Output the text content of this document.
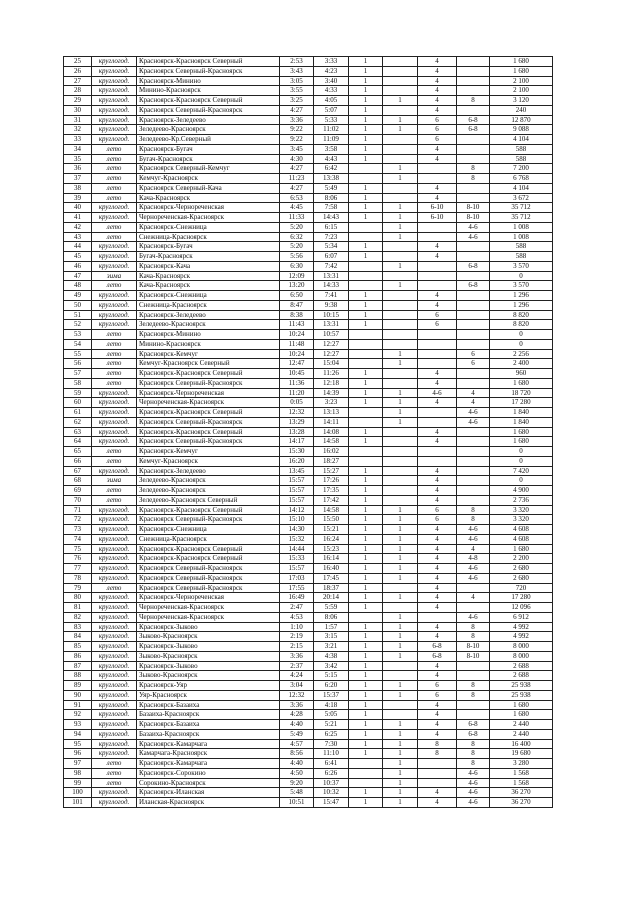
25	круглогод.	Красноярск-Красноярск Северный	2:53	3:33	1		4		1 680
26	круглогод.	Красноярск Северный-Красноярск	3:43	4:23	1		4		1 680
27	круглогод.	Красноярск-Минино	3:05	3:40	1		4		2 100
28	круглогод.	Минино-Красноярск	3:55	4:33	1		4		2 100
29	круглогод.	Красноярск-Красноярск Северный	3:25	4:05	1	1	4	8	3 120
30	круглогод.	Красноярск Северный-Красноярск	4:27	5:07	1		4		240
31	круглогод.	Красноярск-Зеледеево	3:36	5:33	1	1	6	6-8	12 870
32	круглогод.	Зеледеево-Красноярск	9:22	11:02	1	1	6	6-8	9 088
33	круглогод.	Зеледеево-Кр.Северный	9:22	11:09	1		6		4 104
34	лето	Красноярск-Бугач	3:45	3:58	1		4		588
35	лето	Бугач-Красноярск	4:30	4:43	1		4		588
36	лето	Красноярск Северный-Кемчуг	4:27	6:42		1		8	7 200
37	лето	Кемчуг-Красноярск	11:23	13:38		1		8	6 768
38	лето	Красноярск Северный-Кача	4:27	5:49	1		4		4 104
39	лето	Кача-Красноярск	6:53	8:06	1		4		3 672
40	круглогод.	Красноярск-Чернореченская	4:45	7:58	1	1	6-10	8-10	35 712
41	круглогод.	Чернореченская-Красноярск	11:33	14:43	1	1	6-10	8-10	35 712
42	лето	Красноярск-Снежница	5:20	6:15		1		4-6	1 008
43	лето	Снежница-Красноярск	6:32	7:23		1		4-6	1 008
44	круглогод.	Красноярск-Бугач	5:20	5:34	1		4		588
45	круглогод.	Бугач-Красноярск	5:56	6:07	1		4		588
46	круглогод.	Красноярск-Кача	6:30	7:42		1		6-8	3 570
47	зима	Кача-Красноярск	12:09	13:31					0
48	лето	Кача-Красноярск	13:20	14:33		1		6-8	3 570
49	круглогод.	Красноярск-Снежница	6:50	7:41	1		4		1 296
50	круглогод.	Снежница-Красноярск	8:47	9:38	1		4		1 296
51	круглогод.	Красноярск-Зеледеево	8:38	10:15	1		6		8 820
52	круглогод.	Зеледеево-Красноярск	11:43	13:31	1		6		8 820
53	лето	Красноярск-Минино	10:24	10:57					0
54	лето	Минино-Красноярск	11:48	12:27					0
55	лето	Красноярск-Кемчуг	10:24	12:27		1		6	2 256
56	лето	Кемчуг-Красноярск Северный	12:47	15:04		1		6	2 400
57	лето	Красноярск-Красноярск Северный	10:45	11:26	1		4		960
58	лето	Красноярск Северный-Красноярск	11:36	12:18	1		4		1 680
59	круглогод.	Красноярск-Чернореченская	11:20	14:39	1	1	4-6	4	18 720
60	круглогод.	Чернореченская-Красноярск	0:05	3:23	1	1	4	4	17 280
61	круглогод.	Красноярск-Красноярск Северный	12:32	13:13		1		4-6	1 840
62	круглогод.	Красноярск Северный-Красноярск	13:29	14:11		1		4-6	1 840
63	круглогод.	Красноярск-Красноярск Северный	13:28	14:08	1		4		1 680
64	круглогод.	Красноярск Северный-Красноярск	14:17	14:58	1		4		1 680
65	лето	Красноярск-Кемчуг	15:30	16:02					0
66	лето	Кемчуг-Красноярск	16:20	18:27					0
67	круглогод.	Красноярск-Зеледеево	13:45	15:27	1		4		7 420
68	зима	Зеледеево-Красноярск	15:57	17:26	1		4		0
69	лето	Зеледеево-Красноярск	15:57	17:35	1		4		4 900
70	лето	Зеледеево-Красноярск Северный	15:57	17:42	1		4		2 736
71	круглогод.	Красноярск-Красноярск Северный	14:12	14:58	1	1	6	8	3 320
72	круглогод.	Красноярск Северный-Красноярск	15:10	15:50	1	1	6	8	3 320
73	круглогод.	Красноярск-Снежница	14:30	15:21	1	1	4	4-6	4 608
74	круглогод.	Снежница-Красноярск	15:32	16:24	1	1	4	4-6	4 608
75	круглогод.	Красноярск-Красноярск Северный	14:44	15:23	1	1	4	4	1 680
76	круглогод.	Красноярск-Красноярск Северный	15:33	16:14	1	1	4	4-8	2 200
77	круглогод.	Красноярск Северный-Красноярск	15:57	16:40	1	1	4	4-6	2 680
78	круглогод.	Красноярск Северный-Красноярск	17:03	17:45	1	1	4	4-6	2 680
79	лето	Красноярск Северный-Красноярск	17:55	18:37	1		4		720
80	круглогод.	Красноярск-Чернореченская	16:49	20:14	1	1	4	4	17 280
81	круглогод.	Чернореченская-Красноярск	2:47	5:59	1		4		12 096
82	круглогод.	Чернореченская-Красноярск	4:53	8:06		1		4-6	6 912
83	круглогод.	Красноярск-Зыково	1:10	1:57	1	1	4	8	4 992
84	круглогод.	Зыково-Красноярск	2:19	3:15	1	1	4	8	4 992
85	круглогод.	Красноярск-Зыково	2:15	3:21	1	1	6-8	8-10	8 000
86	круглогод.	Зыково-Красноярск	3:36	4:38	1	1	6-8	8-10	8 000
87	круглогод.	Красноярск-Зыково	2:37	3:42	1		4		2 688
88	круглогод.	Зыково-Красноярск	4:24	5:15	1		4		2 688
89	круглогод.	Красноярск-Уяр	3:04	6:20	1	1	6	8	25 938
90	круглогод.	Уяр-Красноярск	12:32	15:37	1	1	6	8	25 938
91	круглогод.	Красноярск-Базаиха	3:36	4:18	1		4		1 680
92	круглогод.	Базаиха-Красноярск	4:28	5:05	1		4		1 680
93	круглогод.	Красноярск-Базаиха	4:40	5:21	1	1	4	6-8	2 440
94	круглогод.	Базаиха-Красноярск	5:49	6:25	1	1	4	6-8	2 440
95	круглогод.	Красноярск-Камарчага	4:57	7:30	1	1	8	8	16 400
96	круглогод.	Камарчага-Красноярск	8:56	11:10	1	1	8	8	19 680
97	лето	Красноярск-Камарчага	4:40	6:41		1		8	3 280
98	лето	Красноярск-Сорокино	4:50	6:26		1		4-6	1 568
99	лето	Сорокино-Красноярск	9:20	10:37		1		4-6	1 568
100	круглогод.	Красноярск-Иланская	5:48	10:32	1	1	4	4-6	36 270
101	круглогод.	Иланская-Красноярск	10:51	15:47	1	1	4	4-6	36 270
